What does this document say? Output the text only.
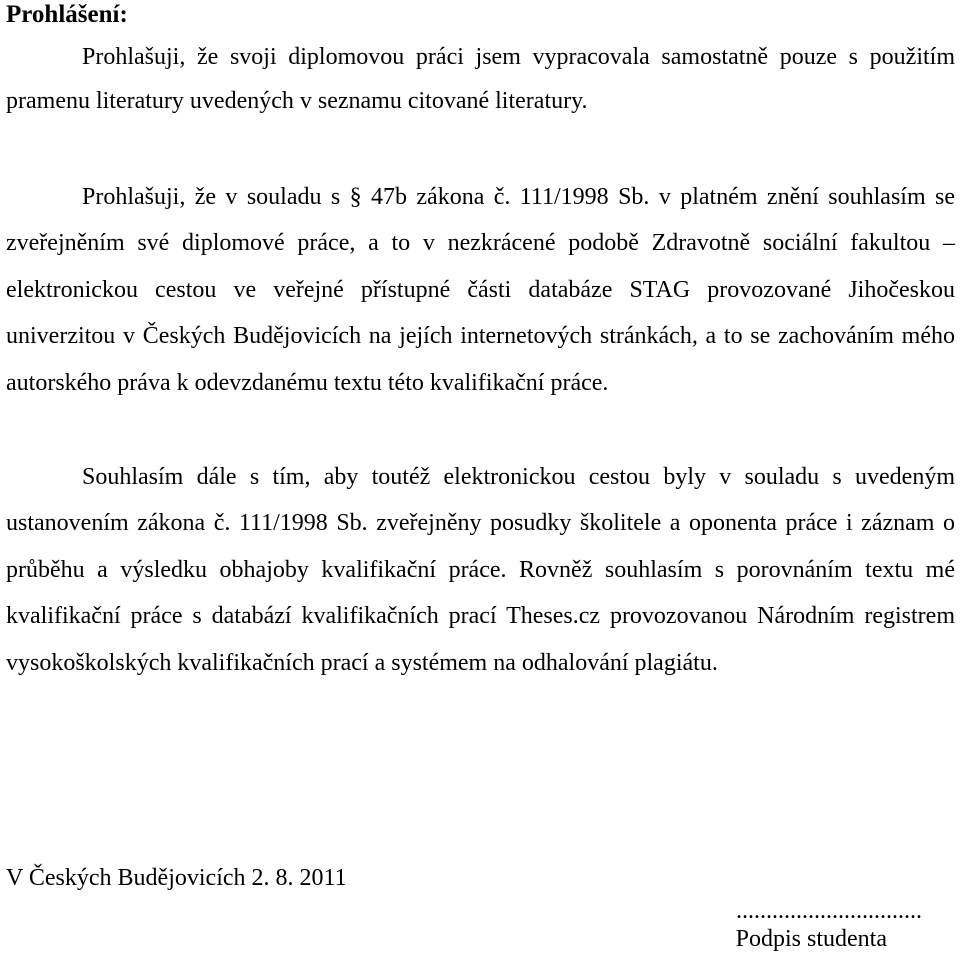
Prohlášení:

Prohlašuji, že svoji diplomovou práci jsem vypracovala samostatně pouze s použitím pramenu literatury uvedených v seznamu citované literatury.

Prohlašuji, že v souladu s § 47b zákona č. 111/1998 Sb. v platném znění souhlasím se zveřejněním své diplomové práce, a to v nezkrácené podobě Zdravotně sociální fakultou – elektronickou cestou ve veřejné přístupné části databáze STAG provozované Jihočeskou univerzitou v Českých Budějovicích na jejích internetových stránkách, a to se zachováním mého autorského práva k odevzdanému textu této kvalifikační práce.

Souhlasím dále s tím, aby toutéž elektronickou cestou byly v souladu s uvedeným ustanovením zákona č. 111/1998 Sb. zveřejněny posudky školitele a oponenta práce i záznam o průběhu a výsledku obhajoby kvalifikační práce. Rovněž souhlasím s porovnáním textu mé kvalifikační práce s databází kvalifikačních prací Theses.cz provozovanou Národním registrem vysokoškolských kvalifikačních prací a systémem na odhalování plagiátu.

V Českých Budějovicích 2. 8. 2011
...............................
Podpis studenta
